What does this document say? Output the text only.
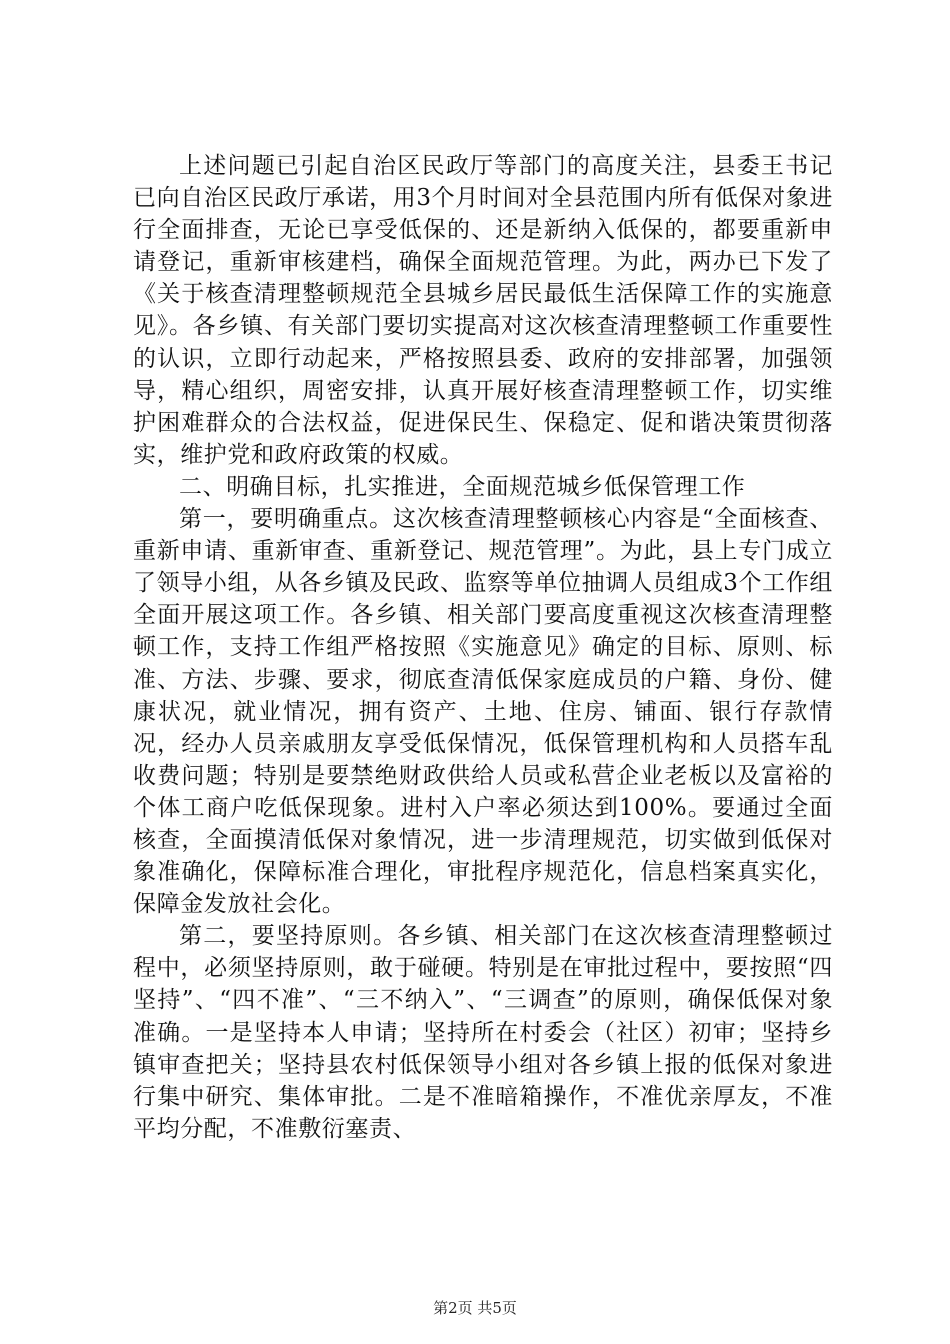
上述问题已引起自治区民政厅等部门的高度关注，县委王书记已向自治区民政厅承诺，用3个月时间对全县范围内所有低保对象进行全面排查，无论已享受低保的、还是新纳入低保的，都要重新申请登记，重新审核建档，确保全面规范管理。为此，两办已下发了《关于核查清理整顿规范全县城乡居民最低生活保障工作的实施意见》。各乡镇、有关部门要切实提高对这次核查清理整顿工作重要性的认识，立即行动起来，严格按照县委、政府的安排部署，加强领导，精心组织，周密安排，认真开展好核查清理整顿工作，切实维护困难群众的合法权益，促进保民生、保稳定、促和谐决策贯彻落实，维护党和政府政策的权威。

二、明确目标，扎实推进，全面规范城乡低保管理工作

第一，要明确重点。这次核查清理整顿核心内容是“全面核查、重新申请、重新审查、重新登记、规范管理”。为此，县上专门成立了领导小组，从各乡镇及民政、监察等单位抽调人员组成3个工作组全面开展这项工作。各乡镇、相关部门要高度重视这次核查清理整顿工作，支持工作组严格按照《实施意见》确定的目标、原则、标准、方法、步骤、要求，彻底查清低保家庭成员的户籍、身份、健康状况，就业情况，拥有资产、土地、住房、铺面、银行存款情况，经办人员亲戚朋友享受低保情况，低保管理机构和人员搭车乱收费问题；特别是要禁绝财政供给人员或私营企业老板以及富裕的个体工商户吃低保现象。进村入户率必须达到100%。要通过全面核查，全面摸清低保对象情况，进一步清理规范，切实做到低保对象准确化，保障标准合理化，审批程序规范化，信息档案真实化，保障金发放社会化。

第二，要坚持原则。各乡镇、相关部门在这次核查清理整顿过程中，必须坚持原则，敢于碰硬。特别是在审批过程中，要按照“四坚持”、“四不准”、“三不纳入”、“三调查”的原则，确保低保对象准确。一是坚持本人申请；坚持所在村委会（社区）初审；坚持乡镇审查把关；坚持县农村低保领导小组对各乡镇上报的低保对象进行集中研究、集体审批。二是不准暗箱操作，不准优亲厚友，不准平均分配，不准敷衍塞责、

第2页 共5页
